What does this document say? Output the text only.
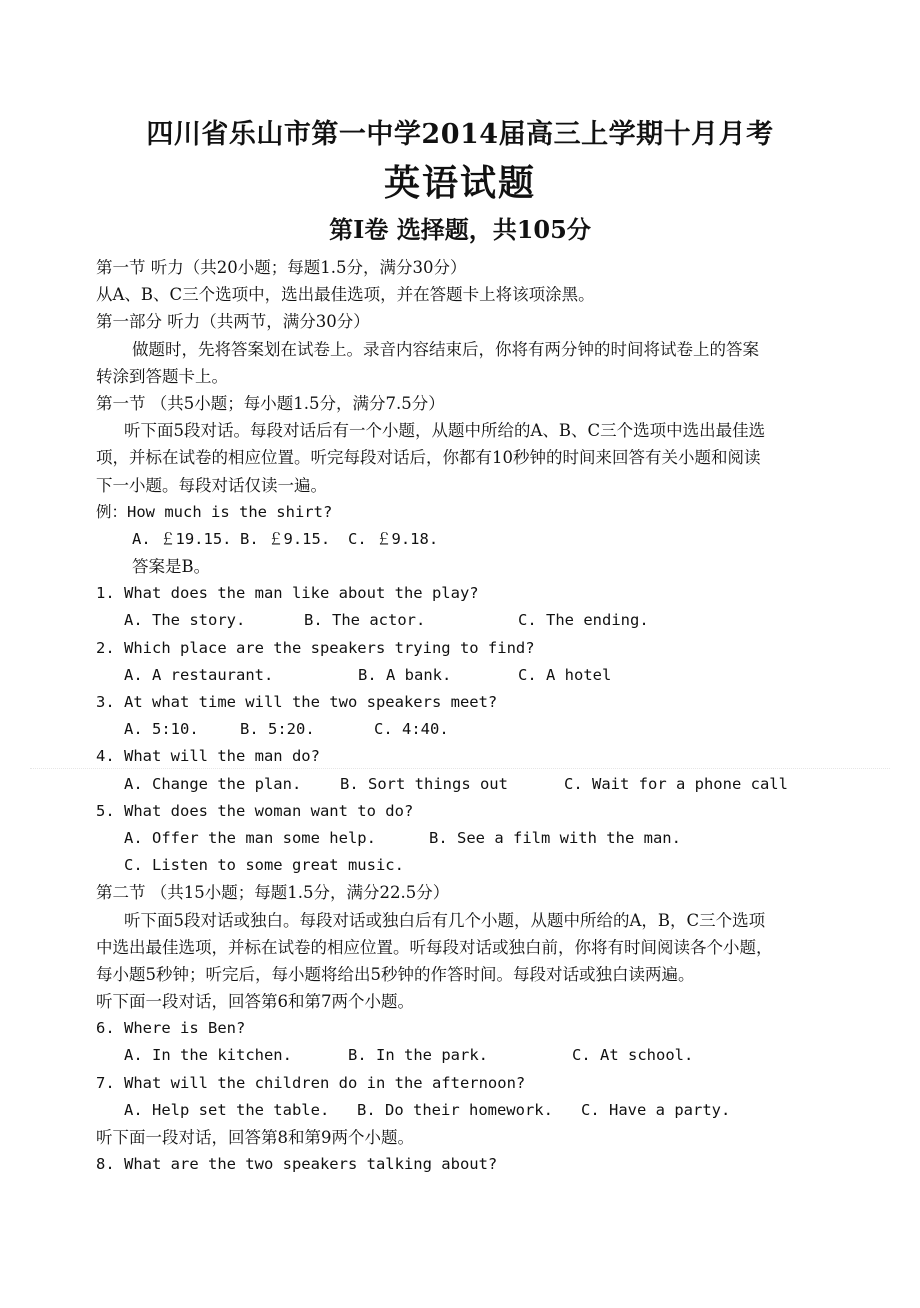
四川省乐山市第一中学2014届高三上学期十月月考
英语试题
第Ⅰ卷 选择题，共105分
第一节 听力（共20小题；每题1.5分，满分30分）
从A、B、C三个选项中，选出最佳选项，并在答题卡上将该项涂黑。
第一部分 听力（共两节，满分30分）
做题时，先将答案划在试卷上。录音内容结束后，你将有两分钟的时间将试卷上的答案
转涂到答题卡上。
第一节 （共5小题；每小题1.5分，满分7.5分）
听下面5段对话。每段对话后有一个小题，从题中所给的A、B、C三个选项中选出最佳选
项，并标在试卷的相应位置。听完每段对话后，你都有10秒钟的时间来回答有关小题和阅读
下一小题。每段对话仅读一遍。
例：How much is the shirt?
A. ￡19.15. B. ￡9.15.	C. ￡9.18.
答案是B。
1. What does the man like about the play?
A. The story.	B. The actor.	C. The ending.
2. Which place are the speakers trying to find?
A. A restaurant.	B. A bank.	C. A hotel
3. At what time will the two speakers meet?
A. 5:10.	B. 5:20.	C. 4:40.
4. What will the man do?
A. Change the plan.	B. Sort things out	C. Wait for a phone call
5. What does the woman want to do?
A. Offer the man some help.	B. See a film with the man.
C. Listen to some great music.
第二节 （共15小题；每题1.5分，满分22.5分）
听下面5段对话或独白。每段对话或独白后有几个小题，从题中所给的A，B，C三个选项
中选出最佳选项，并标在试卷的相应位置。听每段对话或独白前，你将有时间阅读各个小题，
每小题5秒钟；听完后，每小题将给出5秒钟的作答时间。每段对话或独白读两遍。
听下面一段对话，回答第6和第7两个小题。
6. Where is Ben?
A. In the kitchen.	B. In the park.	C. At school.
7. What will the children do in the afternoon?
A. Help set the table.	B. Do their homework.	C. Have a party.
听下面一段对话，回答第8和第9两个小题。
8. What are the two speakers talking about?
